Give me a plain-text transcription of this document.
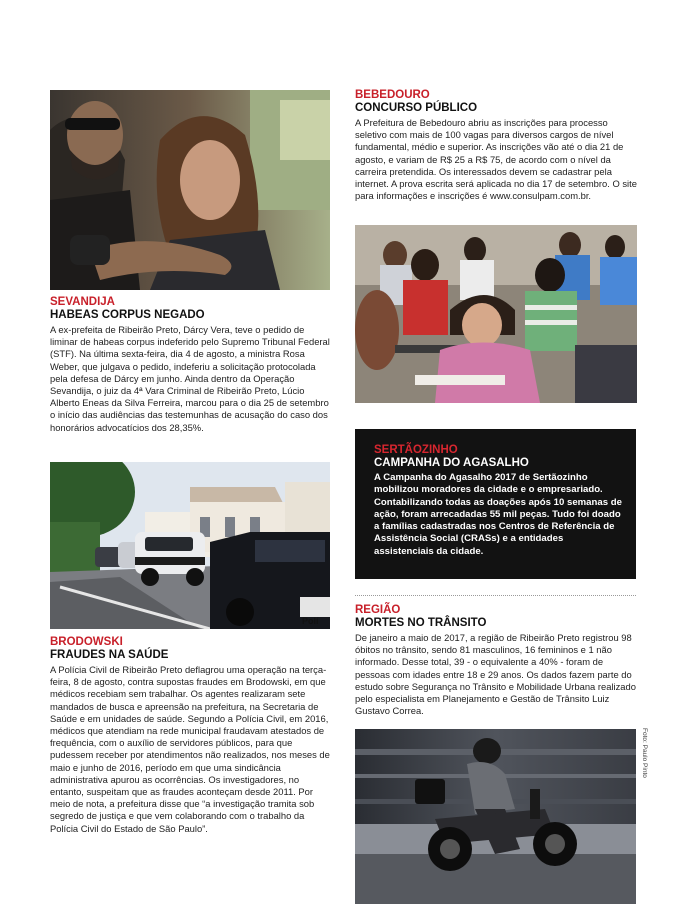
SEVANDIJA
HABEAS CORPUS NEGADO

A ex-prefeita de Ribeirão Preto, Dárcy Vera, teve o pedido de liminar de habeas corpus indeferido pelo Supremo Tribunal Federal (STF). Na última sexta-feira, dia 4 de agosto, a ministra Rosa Weber, que julgava o pedido, indeferiu a solicitação protocolada pela defesa de Dárcy em junho. Ainda dentro da Operação Sevandija, o juiz da 4ª Vara Criminal de Ribeirão Preto, Lúcio Alberto Eneas da Silva Ferreira, marcou para o dia 25 de setembro o início das audiências das testemunhas de acusação do caso dos honorários advocatícios dos 28,35%.

Polí
BRODOWSKI
FRAUDES NA SAÚDE

A Polícia Civil de Ribeirão Preto deflagrou uma operação na terça-feira, 8 de agosto, contra supostas fraudes em Brodowski, em que médicos recebiam sem trabalhar. Os agentes realizaram sete mandados de busca e apreensão na prefeitura, na Secretaria de Saúde e em unidades de saúde. Segundo a Polícia Civil, em 2016, médicos que atendiam na rede municipal fraudavam atestados de frequência, com o auxílio de servidores públicos, para que pudessem receber por atendimentos não realizados, nos meses de maio e junho de 2016, período em que uma sindicância administrativa apurou as ocorrências. Os investigadores, no entanto, suspeitam que as fraudes aconteçam desde 2011. Por meio de nota, a prefeitura disse que “a investigação tramita sob segredo de justiça e que vem colaborando com o trabalho da Polícia Civil do Estado de São Paulo”.

BEBEDOURO
CONCURSO PÚBLICO

A Prefeitura de Bebedouro abriu as inscrições para processo seletivo com mais de 100 vagas para diversos cargos de nível fundamental, médio e superior. As inscrições vão até o dia 21 de agosto, e variam de R$ 25 a R$ 75, de acordo com o nível da carreira pretendida. Os interessados devem se cadastrar pela internet. A prova escrita será aplicada no dia 17 de setembro. O site para informações e inscrições é www.consulpam.com.br.

SERTÃOZINHO
CAMPANHA DO AGASALHO

A Campanha do Agasalho 2017 de Sertãozinho mobilizou moradores da cidade e o empresariado. Contabilizando todas as doações após 10 semanas de ação, foram arrecadadas 55 mil peças. Tudo foi doado a famílias cadastradas nos Centros de Referência de Assistência Social (CRASs) e a entidades assistenciais da cidade.

REGIÃO
MORTES NO TRÂNSITO

De janeiro a maio de 2017, a região de Ribeirão Preto registrou 98 óbitos no trânsito, sendo 81 masculinos, 16 femininos e 1 não informado. Desse total, 39 - o equivalente a 40% - foram de pessoas com idades entre 18 e 29 anos. Os dados fazem parte do estudo sobre Segurança no Trânsito e Mobilidade Urbana realizado pelo especialista em Planejamento e Gestão de Trânsito Luiz Gustavo Correa.

Foto: Paulo Pinto
